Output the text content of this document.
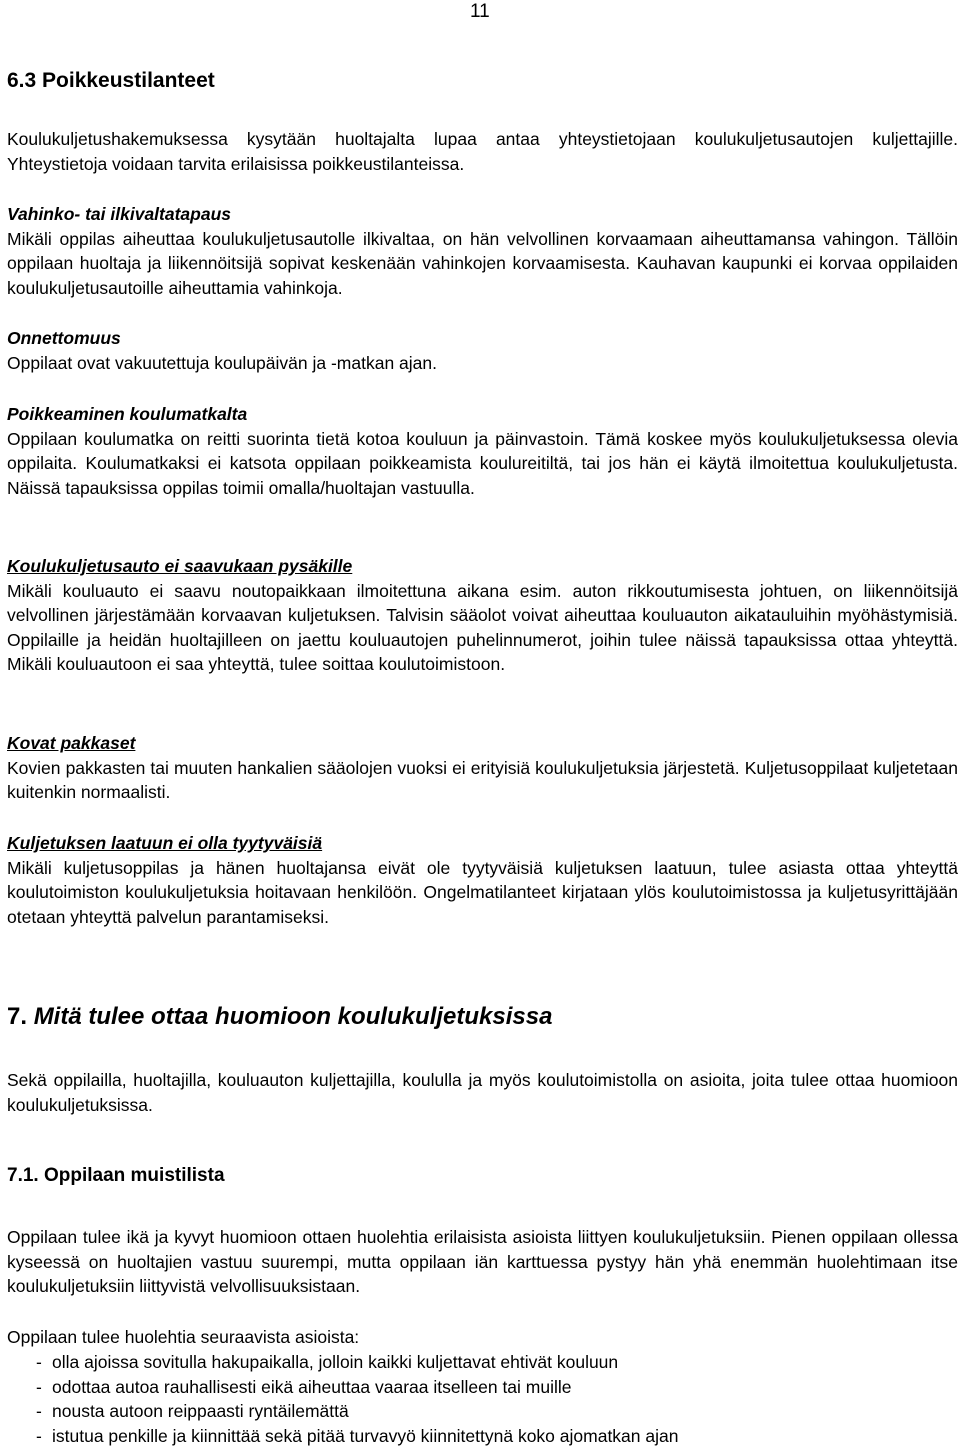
11
6.3 Poikkeustilanteet

Koulukuljetushakemuksessa kysytään huoltajalta lupaa antaa yhteystietojaan koulukuljetusautojen kuljettajille. Yhteystietoja voidaan tarvita erilaisissa poikkeustilanteissa.

Vahinko- tai ilkivaltatapaus

Mikäli oppilas aiheuttaa koulukuljetusautolle ilkivaltaa, on hän velvollinen korvaamaan aiheuttamansa vahingon. Tällöin oppilaan huoltaja ja liikennöitsijä sopivat keskenään vahinkojen korvaamisesta. Kauhavan kaupunki ei korvaa oppilaiden koulukuljetusautoille aiheuttamia vahinkoja.

Onnettomuus

Oppilaat ovat vakuutettuja koulupäivän ja -matkan ajan.

Poikkeaminen koulumatkalta

Oppilaan koulumatka on reitti suorinta tietä kotoa kouluun ja päinvastoin. Tämä koskee myös koulukuljetuksessa olevia oppilaita. Koulumatkaksi ei katsota oppilaan poikkeamista koulureitiltä, tai jos hän ei käytä ilmoitettua koulukuljetusta. Näissä tapauksissa oppilas toimii omalla/huoltajan vastuulla.

Koulukuljetusauto ei saavukaan pysäkille

Mikäli kouluauto ei saavu noutopaikkaan ilmoitettuna aikana esim. auton rikkoutumisesta johtuen, on liikennöitsijä velvollinen järjestämään korvaavan kuljetuksen. Talvisin sääolot voivat aiheuttaa kouluauton aikatauluihin myöhästymisiä. Oppilaille ja heidän huoltajilleen on jaettu kouluautojen puhelinnumerot, joihin tulee näissä tapauksissa ottaa yhteyttä. Mikäli kouluautoon ei saa yhteyttä, tulee soittaa koulutoimistoon.

Kovat pakkaset

Kovien pakkasten tai muuten hankalien sääolojen vuoksi ei erityisiä koulukuljetuksia järjestetä. Kuljetusoppilaat kuljetetaan kuitenkin normaalisti.

Kuljetuksen laatuun ei olla tyytyväisiä

Mikäli kuljetusoppilas ja hänen huoltajansa eivät ole tyytyväisiä kuljetuksen laatuun, tulee asiasta ottaa yhteyttä koulutoimiston koulukuljetuksia hoitavaan henkilöön. Ongelmatilanteet kirjataan ylös koulutoimistossa ja kuljetusyrittäjään otetaan yhteyttä palvelun parantamiseksi.

7. Mitä tulee ottaa huomioon koulukuljetuksissa

Sekä oppilailla, huoltajilla, kouluauton kuljettajilla, koululla ja myös koulutoimistolla on asioita, joita tulee ottaa huomioon koulukuljetuksissa.

7.1. Oppilaan muistilista

Oppilaan tulee ikä ja kyvyt huomioon ottaen huolehtia erilaisista asioista liittyen koulukuljetuksiin. Pienen oppilaan ollessa kyseessä on huoltajien vastuu suurempi, mutta oppilaan iän karttuessa pystyy hän yhä enemmän huolehtimaan itse koulukuljetuksiin liittyvistä velvollisuuksistaan.

Oppilaan tulee huolehtia seuraavista asioista:

- olla ajoissa sovitulla hakupaikalla, jolloin kaikki kuljettavat ehtivät kouluun
- odottaa autoa rauhallisesti eikä aiheuttaa vaaraa itselleen tai muille
- nousta autoon reippaasti ryntäilemättä
- istutua penkille ja kiinnittää sekä pitää turvavyö kiinnitettynä koko ajomatkan ajan
